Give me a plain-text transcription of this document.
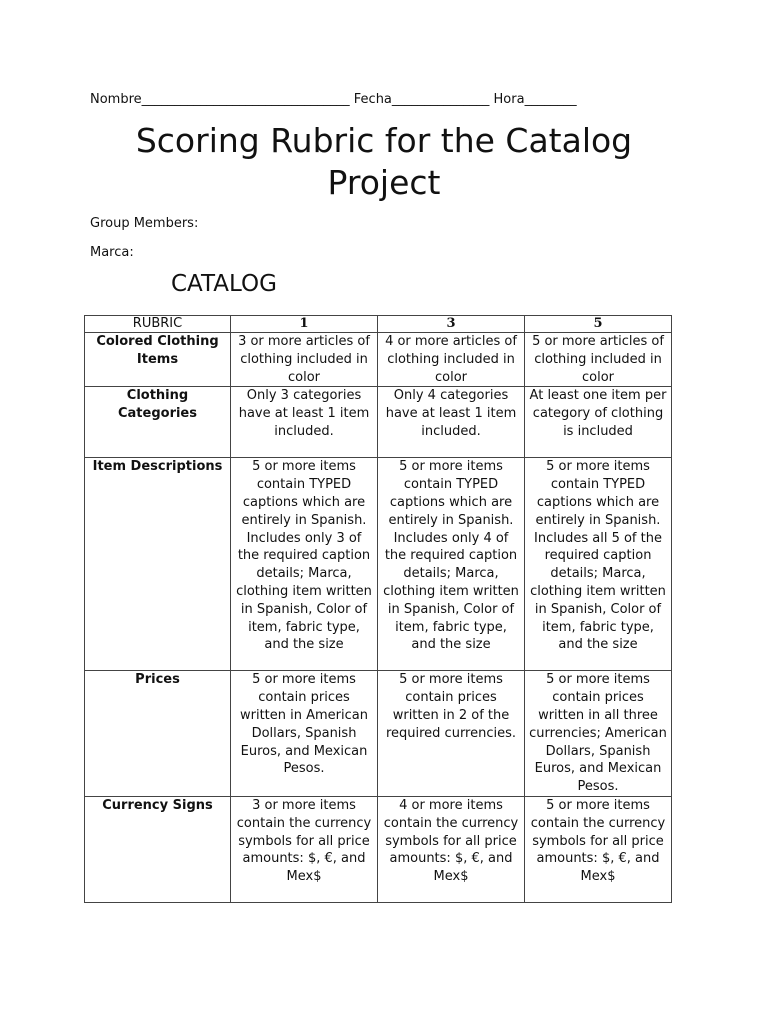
Nombre________________________________ Fecha_______________ Hora________
Scoring Rubric for the Catalog Project
Group Members:
Marca:
CATALOG
RUBRIC	1	3	5
Colored Clothing Items	3 or more articles of clothing included in color	4 or more articles of clothing included in color	5 or more articles of clothing included in color
Clothing Categories	Only 3 categories have at least 1 item included.	Only 4 categories have at least 1 item included.	At least one item per category of clothing is included
Item Descriptions	5 or more items contain TYPED captions which are entirely in Spanish. Includes only 3 of the required caption details; Marca, clothing item written in Spanish, Color of item, fabric type, and the size	5 or more items contain TYPED captions which are entirely in Spanish. Includes only 4 of the required caption details; Marca, clothing item written in Spanish, Color of item, fabric type, and the size	5 or more items contain TYPED captions which are entirely in Spanish. Includes all 5 of the required caption details; Marca, clothing item written in Spanish, Color of item, fabric type, and the size
Prices	5 or more items contain prices written in American Dollars, Spanish Euros, and Mexican Pesos.	5 or more items contain prices written in 2 of the required currencies.	5 or more items contain prices written in all three currencies; American Dollars, Spanish Euros, and Mexican Pesos.
Currency Signs	3 or more items contain the currency symbols for all price amounts: $, €, and Mex$	4 or more items contain the currency symbols for all price amounts: $, €, and Mex$	5 or more items contain the currency symbols for all price amounts: $, €, and Mex$
